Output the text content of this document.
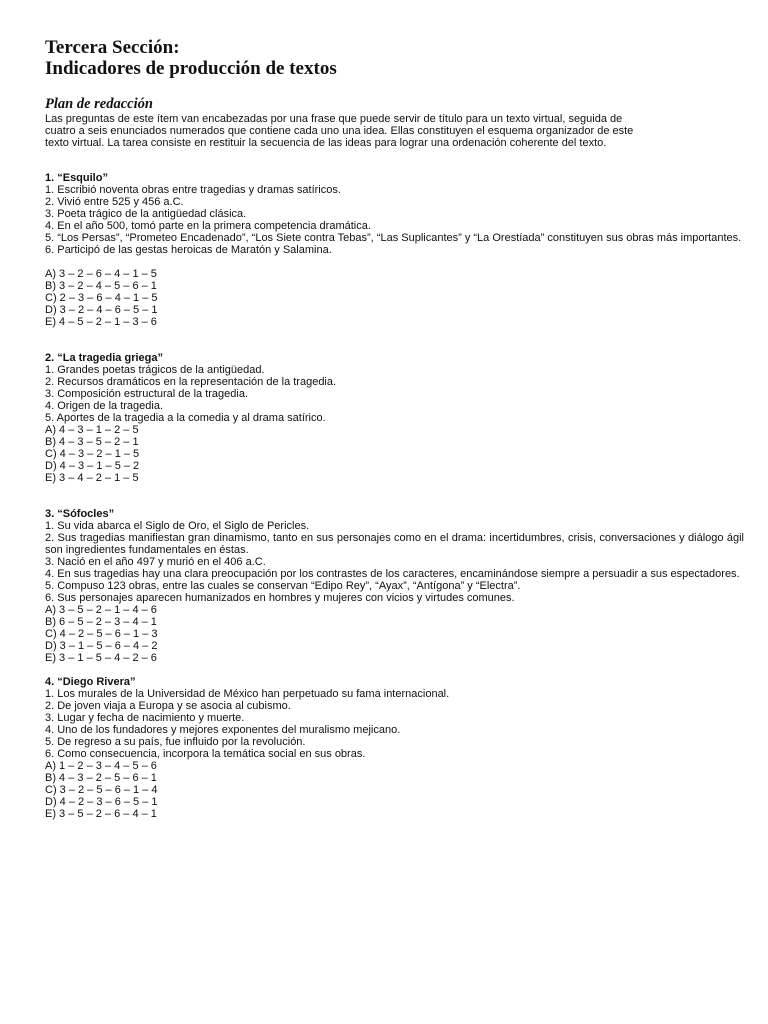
Tercera Sección:
Indicadores de producción de textos
Plan de redacción

Las preguntas de este ítem van encabezadas por una frase que puede servir de título para un texto virtual, seguida de

cuatro a seis enunciados numerados que contiene cada uno una idea. Ellas constituyen el esquema organizador de este

texto virtual. La tarea consiste en restituir la secuencia de las ideas para lograr una ordenación coherente del texto.

1. “Esquilo”

1. Escribió noventa obras entre tragedias y dramas satíricos.

2. Vivió entre 525 y 456 a.C.

3. Poeta trágico de la antigüedad clásica.

4. En el año 500, tomó parte en la primera competencia dramática.

5. “Los Persas”, “Prometeo Encadenado”, “Los Siete contra Tebas”, “Las Suplicantes” y “La Orestíada” constituyen sus obras más importantes.

6. Participó de las gestas heroicas de Maratón y Salamina.

A) 3 – 2 – 6 – 4 – 1 – 5

B) 3 – 2 – 4 – 5 – 6 – 1

C) 2 – 3 – 6 – 4 – 1 – 5

D) 3 – 2 – 4 – 6 – 5 – 1

E) 4 – 5 – 2 – 1 – 3 – 6

2. “La tragedia griega”

1. Grandes poetas trágicos de la antigüedad.

2. Recursos dramáticos en la representación de la tragedia.

3. Composición estructural de la tragedia.

4. Origen de la tragedia.

5. Aportes de la tragedia a la comedia y al drama satírico.

A) 4 – 3 – 1 – 2 – 5

B) 4 – 3 – 5 – 2 – 1

C) 4 – 3 – 2 – 1 – 5

D) 4 – 3 – 1 – 5 – 2

E) 3 – 4 – 2 – 1 – 5

3. “Sófocles”

1. Su vida abarca el Siglo de Oro, el Siglo de Pericles.

2. Sus tragedias manifiestan gran dinamismo, tanto en sus personajes como en el drama: incertidumbres, crisis, conversaciones y diálogo ágil son ingredientes fundamentales en éstas.

3. Nació en el año 497 y murió en el 406 a.C.

4. En sus tragedias hay una clara preocupación por los contrastes de los caracteres, encaminándose siempre a persuadir a sus espectadores.

5. Compuso 123 obras, entre las cuales se conservan “Edipo Rey”, “Ayax”, “Antígona” y “Electra”.

6. Sus personajes aparecen humanizados en hombres y mujeres con vicios y virtudes comunes.

A) 3 – 5 – 2 – 1 – 4 – 6

B) 6 – 5 – 2 – 3 – 4 – 1

C) 4 – 2 – 5 – 6 – 1 – 3

D) 3 – 1 – 5 – 6 – 4 – 2

E) 3 – 1 – 5 – 4 – 2 – 6

4. “Diego Rivera”

1. Los murales de la Universidad de México han perpetuado su fama internacional.

2. De joven viaja a Europa y se asocia al cubismo.

3. Lugar y fecha de nacimiento y muerte.

4. Uno de los fundadores y mejores exponentes del muralismo mejicano.

5. De regreso a su país, fue influido por la revolución.

6. Como consecuencia, incorpora la temática social en sus obras.

A) 1 – 2 – 3 – 4 – 5 – 6

B) 4 – 3 – 2 – 5 – 6 – 1

C) 3 – 2 – 5 – 6 – 1 – 4

D) 4 – 2 – 3 – 6 – 5 – 1

E) 3 – 5 – 2 – 6 – 4 – 1
